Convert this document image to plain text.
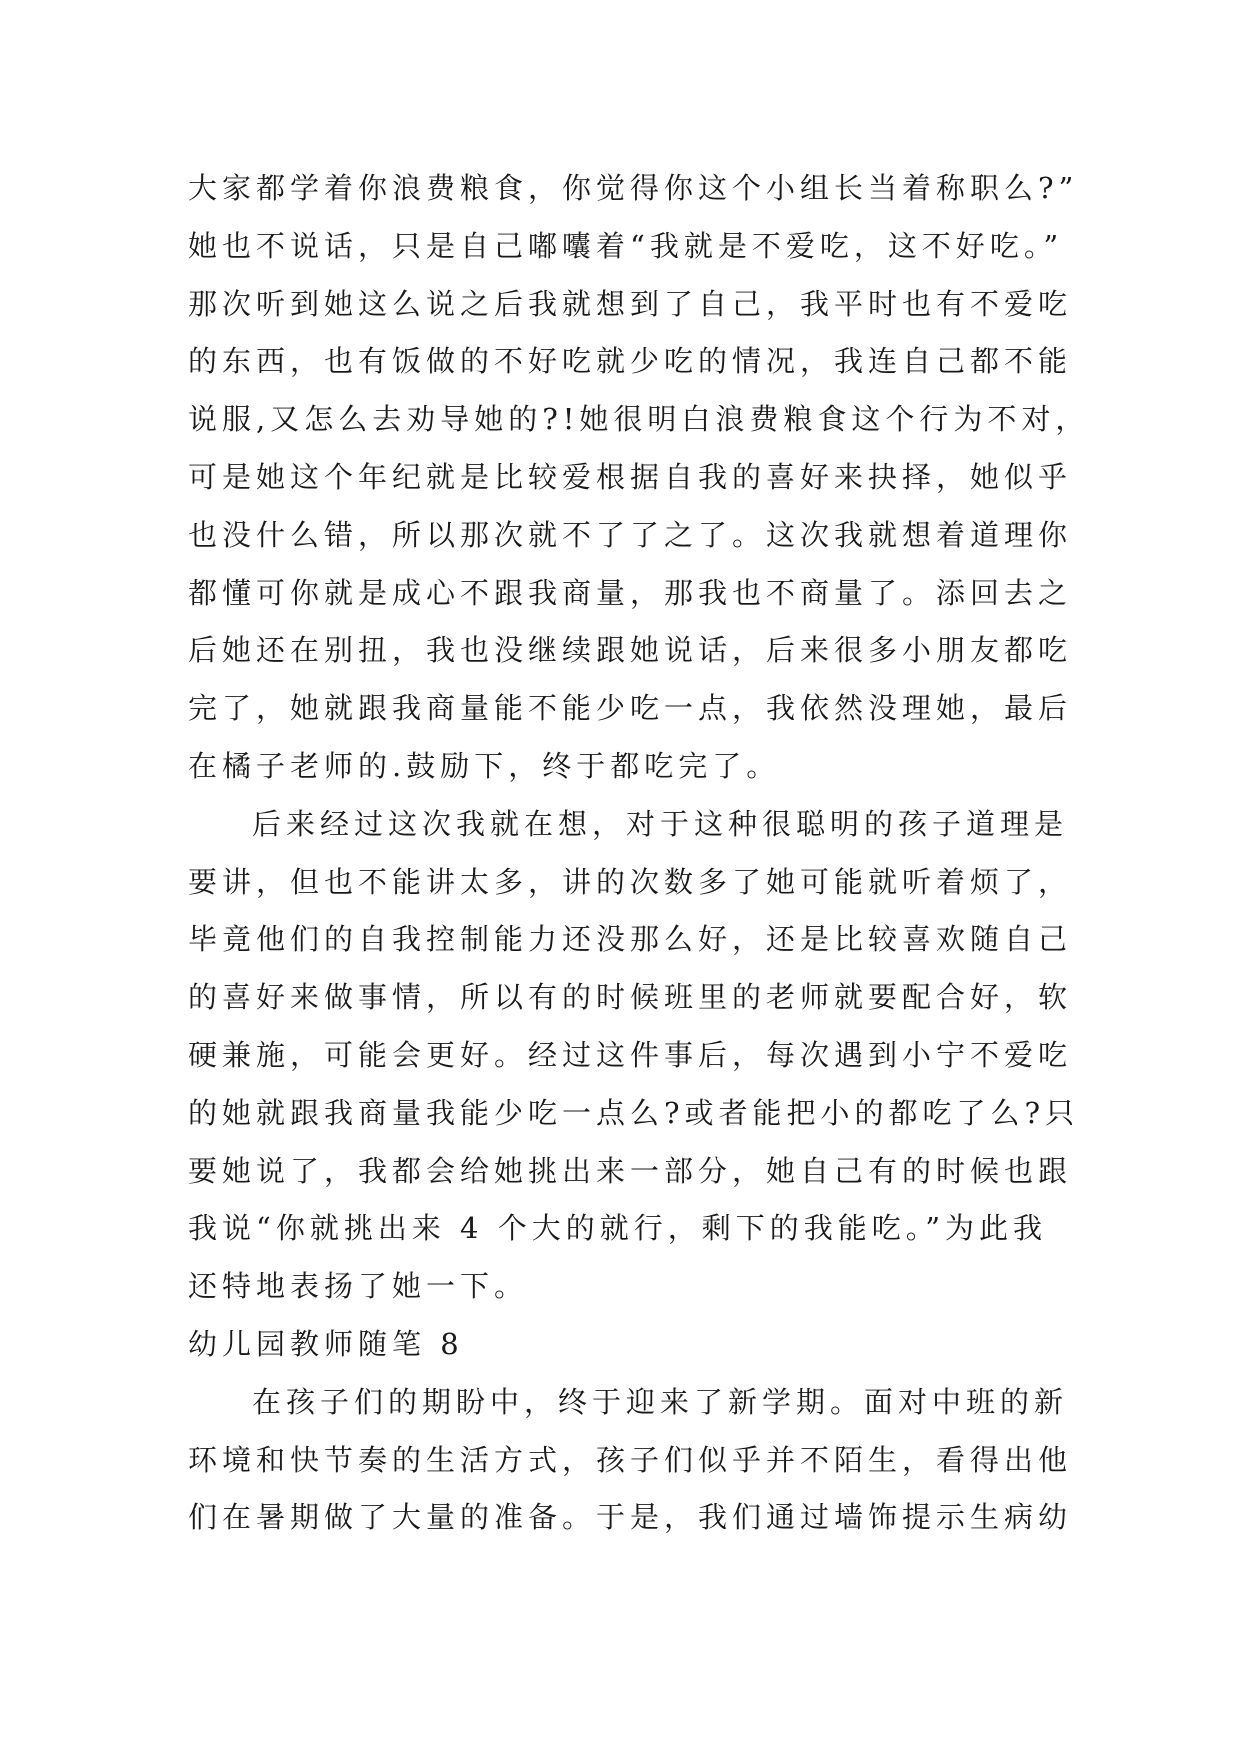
大家都学着你浪费粮食，你觉得你这个小组长当着称职么?”
她也不说话，只是自己嘟囔着“我就是不爱吃，这不好吃。”
那次听到她这么说之后我就想到了自己，我平时也有不爱吃
的东西，也有饭做的不好吃就少吃的情况，我连自己都不能
说服,又怎么去劝导她的?!她很明白浪费粮食这个行为不对，
可是她这个年纪就是比较爱根据自我的喜好来抉择，她似乎
也没什么错，所以那次就不了了之了。这次我就想着道理你
都懂可你就是成心不跟我商量，那我也不商量了。添回去之
后她还在别扭，我也没继续跟她说话，后来很多小朋友都吃
完了，她就跟我商量能不能少吃一点，我依然没理她，最后
在橘子老师的.鼓励下，终于都吃完了。
后来经过这次我就在想，对于这种很聪明的孩子道理是
要讲，但也不能讲太多，讲的次数多了她可能就听着烦了，
毕竟他们的自我控制能力还没那么好，还是比较喜欢随自己
的喜好来做事情，所以有的时候班里的老师就要配合好，软
硬兼施，可能会更好。经过这件事后，每次遇到小宁不爱吃
的她就跟我商量我能少吃一点么?或者能把小的都吃了么?只
要她说了，我都会给她挑出来一部分，她自己有的时候也跟
我说“你就挑出来 4 个大的就行，剩下的我能吃。”为此我
还特地表扬了她一下。
幼儿园教师随笔 8
在孩子们的期盼中，终于迎来了新学期。面对中班的新
环境和快节奏的生活方式，孩子们似乎并不陌生，看得出他
们在暑期做了大量的准备。于是，我们通过墙饰提示生病幼
